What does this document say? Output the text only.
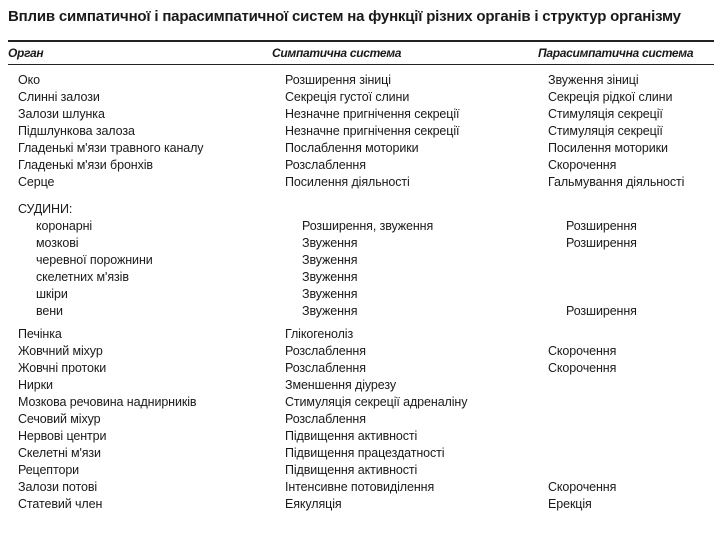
Вплив симпатичної і парасимпатичної систем на функції різних органів і структур організму
Орган	Симпатична система	Парасимпатична система
Око	Розширення зіниці	Звуження зіниці
Слинні залози	Секреція густої слини	Секреція рідкої слини
Залози шлунка	Незначне пригнічення секреції	Стимуляція секреції
Підшлункова залоза	Незначне пригнічення секреції	Стимуляція секреції
Гладенькі м'язи травного каналу	Послаблення моторики	Посилення моторики
Гладенькі м'язи бронхів	Розслаблення	Скорочення
Серце	Посилення діяльності	Гальмування діяльності
СУДИНИ:
коронарні	Розширення, звуження	Розширення
мозкові	Звуження	Розширення
черевної порожнини	Звуження
скелетних м'язів	Звуження
шкіри	Звуження
вени	Звуження	Розширення
Печінка	Глікогеноліз
Жовчний міхур	Розслаблення	Скорочення
Жовчні протоки	Розслаблення	Скорочення
Нирки	Зменшення діурезу
Мозкова речовина наднирників	Стимуляція секреції адреналіну
Сечовий міхур	Розслаблення
Нервові центри	Підвищення активності
Скелетні м'язи	Підвищення працездатності
Рецептори	Підвищення активності
Залози потові	Інтенсивне потовиділення	Скорочення
Статевий член	Еякуляція	Ерекція
